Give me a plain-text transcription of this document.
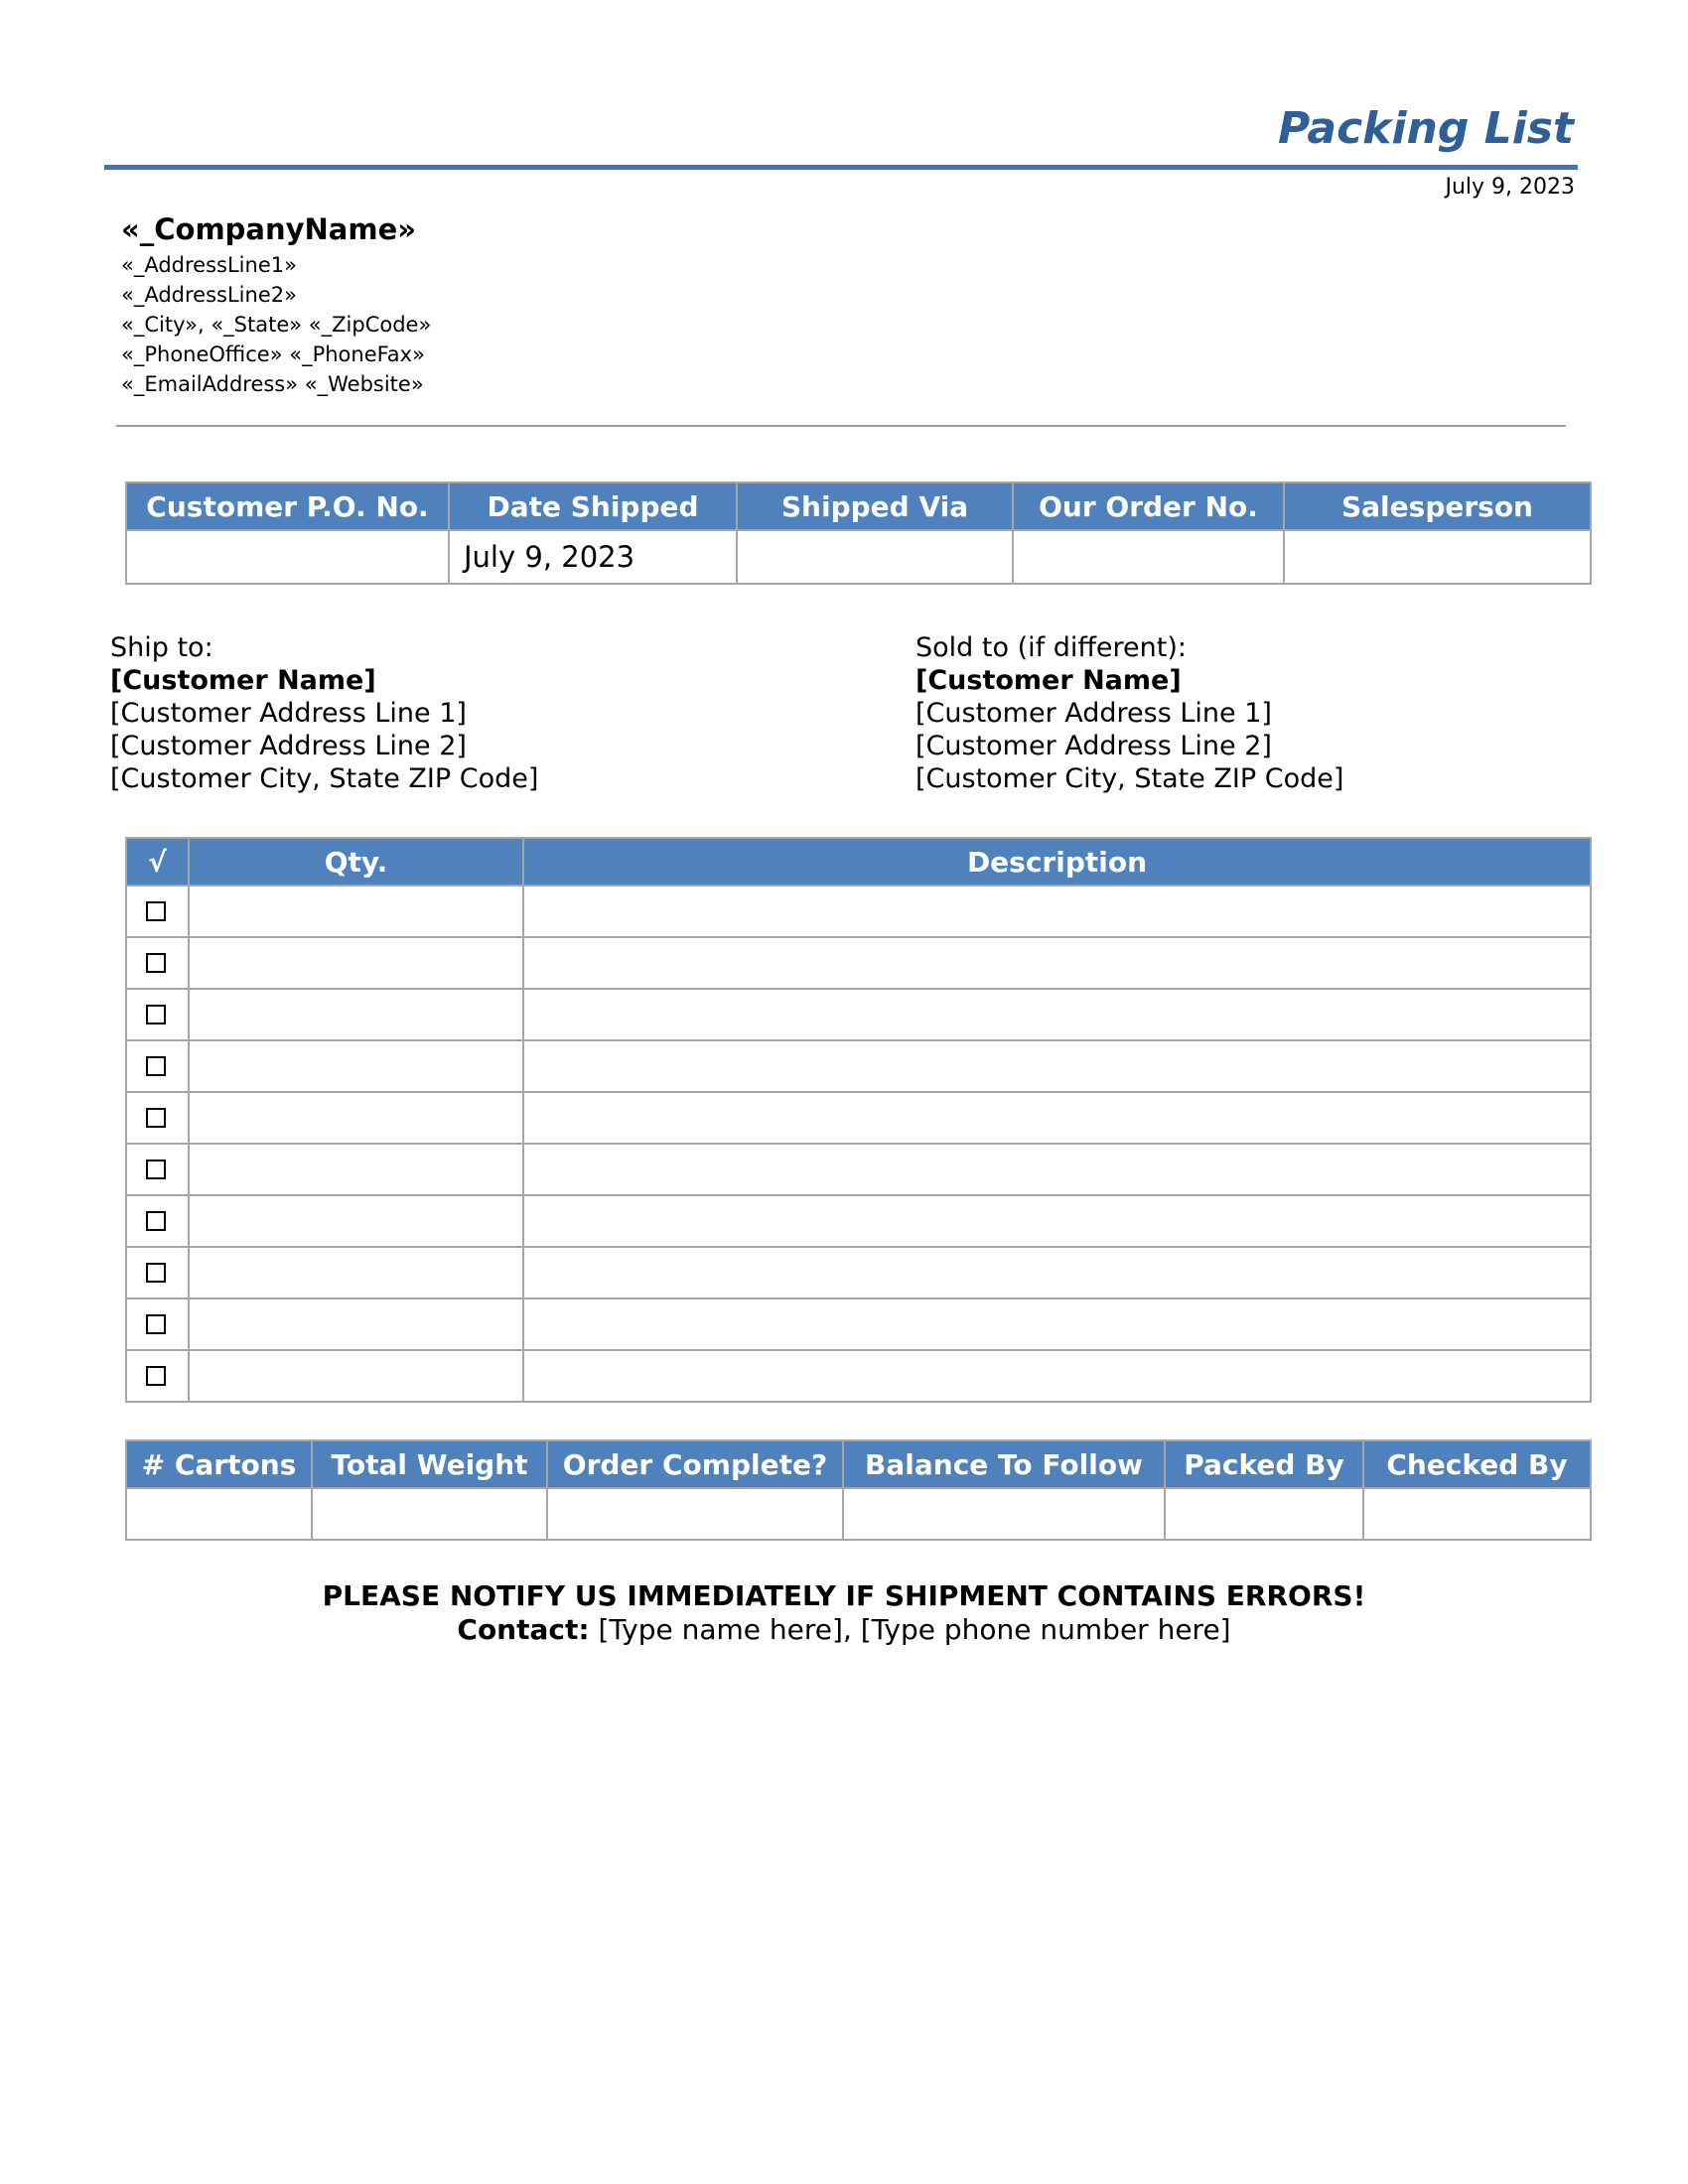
Packing List
July 9, 2023
«_CompanyName»
«_AddressLine1»
«_AddressLine2»
«_City», «_State» «_ZipCode»
«_PhoneOffice» «_PhoneFax»
«_EmailAddress» «_Website»
Customer P.O. No.	Date Shipped	Shipped Via	Our Order No.	Salesperson
	July 9, 2023			
Ship to:
[Customer Name]
[Customer Address Line 1]
[Customer Address Line 2]
[Customer City, State ZIP Code]
Sold to (if different):
[Customer Name]
[Customer Address Line 1]
[Customer Address Line 2]
[Customer City, State ZIP Code]
√	Qty.	Description

# Cartons	Total Weight	Order Complete?	Balance To Follow	Packed By	Checked By

PLEASE NOTIFY US IMMEDIATELY IF SHIPMENT CONTAINS ERRORS!
Contact: [Type name here], [Type phone number here]
